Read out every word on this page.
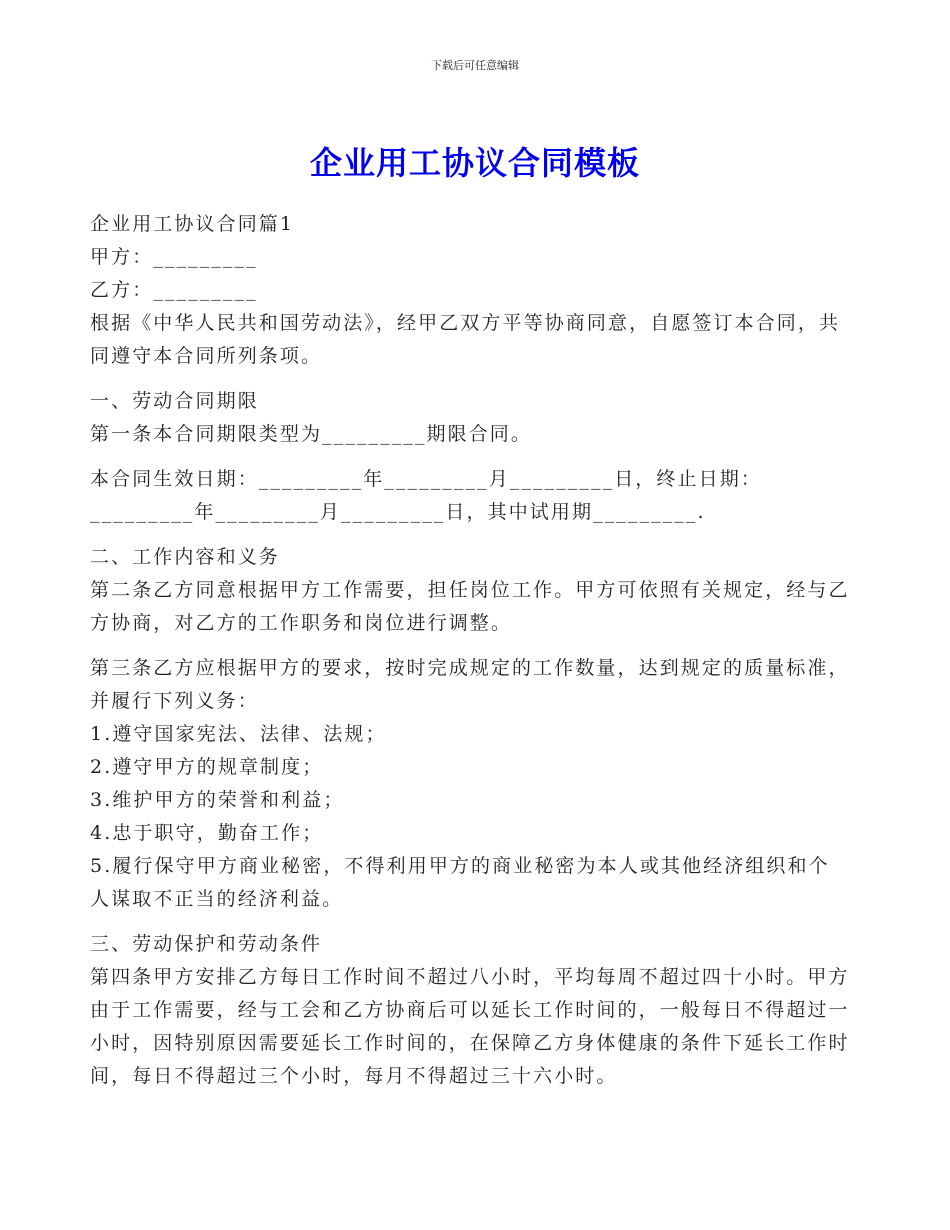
下载后可任意编辑
企业用工协议合同模板

企业用工协议合同篇1

甲方：_________

乙方：_________

根据《中华人民共和国劳动法》，经甲乙双方平等协商同意，自愿签订本合同，共同遵守本合同所列条项。

一、劳动合同期限

第一条本合同期限类型为_________期限合同。

本合同生效日期：_________年_________月_________日，终止日期：_________年_________月_________日，其中试用期_________.

二、工作内容和义务

第二条乙方同意根据甲方工作需要，担任岗位工作。甲方可依照有关规定，经与乙方协商，对乙方的工作职务和岗位进行调整。

第三条乙方应根据甲方的要求，按时完成规定的工作数量，达到规定的质量标准，并履行下列义务：

1.遵守国家宪法、法律、法规；

2.遵守甲方的规章制度；

3.维护甲方的荣誉和利益；

4.忠于职守，勤奋工作；

5.履行保守甲方商业秘密，不得利用甲方的商业秘密为本人或其他经济组织和个人谋取不正当的经济利益。

三、劳动保护和劳动条件

第四条甲方安排乙方每日工作时间不超过八小时，平均每周不超过四十小时。甲方由于工作需要，经与工会和乙方协商后可以延长工作时间的，一般每日不得超过一小时，因特别原因需要延长工作时间的，在保障乙方身体健康的条件下延长工作时间，每日不得超过三个小时，每月不得超过三十六小时。
